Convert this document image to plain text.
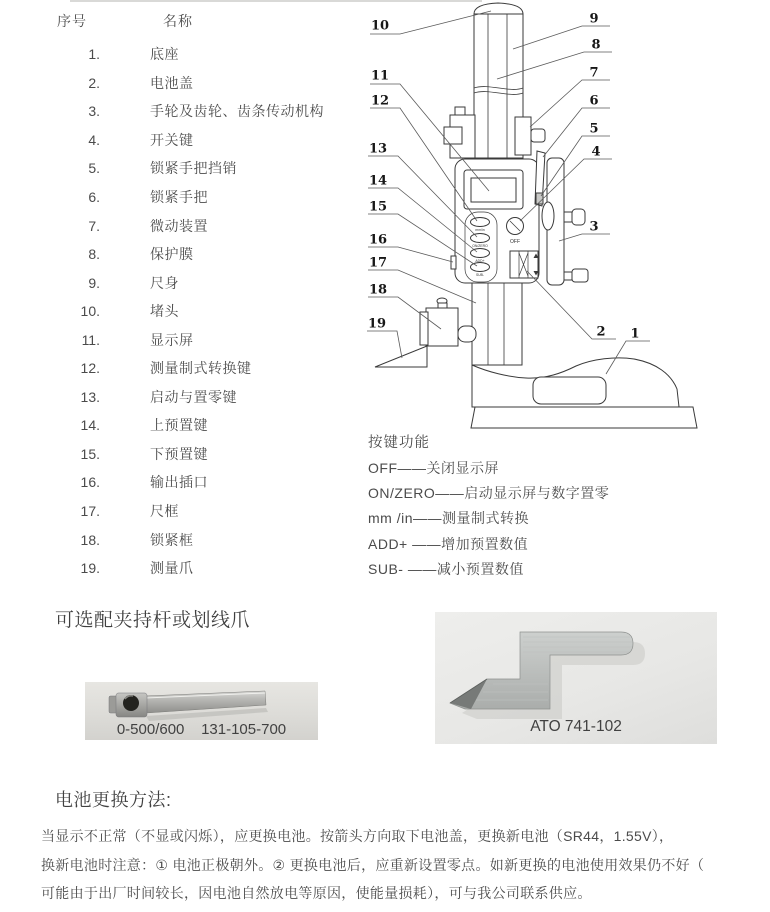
序号	名称
1.	底座
2.	电池盖
3.	手轮及齿轮、齿条传动机构
4.	开关键
5.	锁紧手把挡销
6.	锁紧手把
7.	微动装置
8.	保护膜
9.	尺身
10.	堵头
11.	显示屏
12.	测量制式转换键
13.	启动与置零键
14.	上预置键
15.	下预置键
16.	输出插口
17.	尺框
18.	锁紧框
19.	测量爪
mm/in
ON/ZERO
ADD+
SUB-
OFF
10
11
12
13
14
15
16
17
18
19
9
8
7
6
5
4
3
2 1
按键功能
OFF——关闭显示屏
ON/ZERO——启动显示屏与数字置零
mm /in——测量制式转换
ADD+ ——增加预置数值
SUB- ——减小预置数值
可选配夹持杆或划线爪
0-500/600    131-105-700	ATO 741-102
电池更换方法:
当显示不正常（不显或闪烁），应更换电池。按箭头方向取下电池盖，更换新电池（SR44，1.55V），
换新电池时注意：① 电池正极朝外。② 更换电池后，应重新设置零点。如新更换的电池使用效果仍不好（
可能由于出厂时间较长，因电池自然放电等原因，使能量损耗），可与我公司联系供应。
